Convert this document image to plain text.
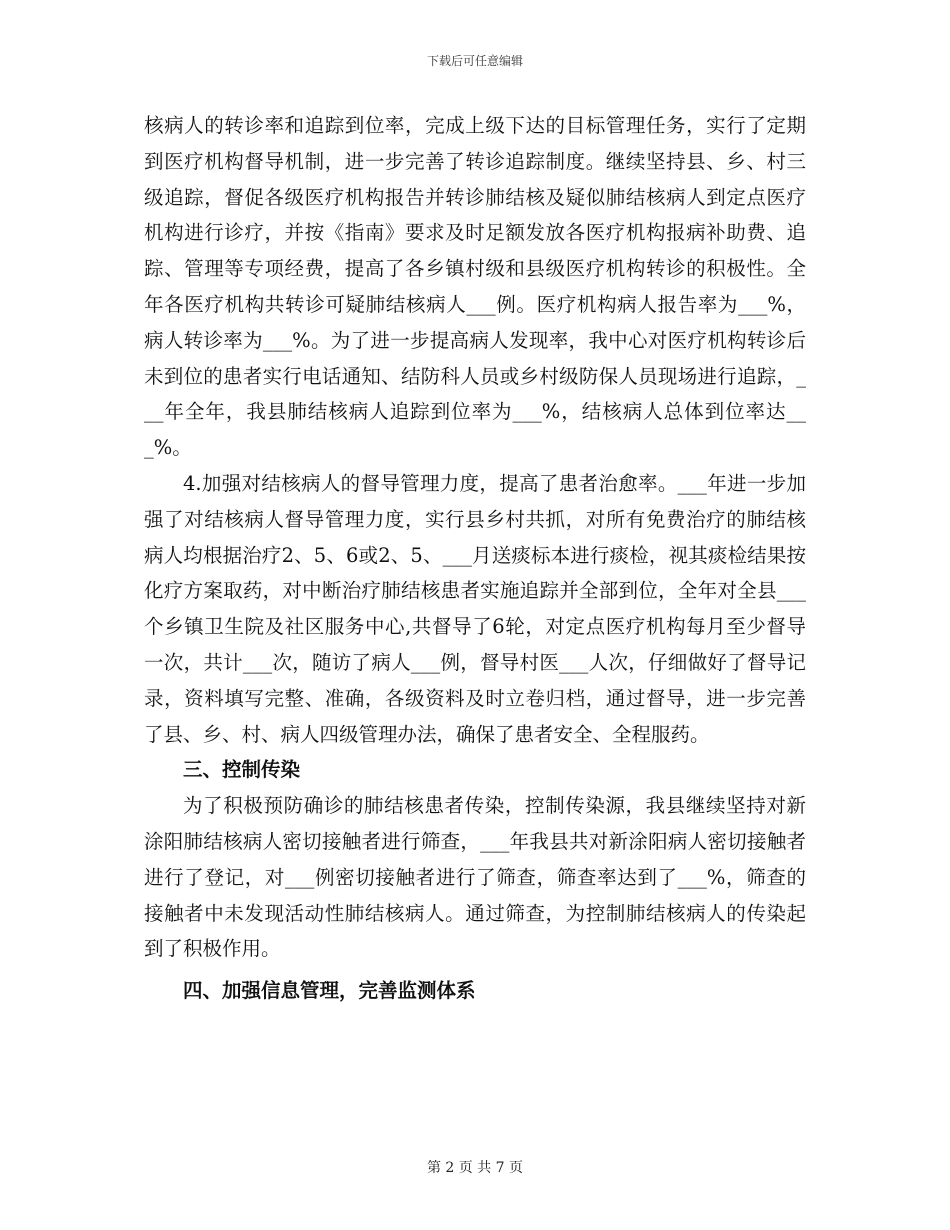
下载后可任意编辑

核病人的转诊率和追踪到位率，完成上级下达的目标管理任务，实行了定期到医疗机构督导机制，进一步完善了转诊追踪制度。继续坚持县、乡、村三级追踪，督促各级医疗机构报告并转诊肺结核及疑似肺结核病人到定点医疗机构进行诊疗，并按《指南》要求及时足额发放各医疗机构报病补助费、追踪、管理等专项经费，提高了各乡镇村级和县级医疗机构转诊的积极性。全年各医疗机构共转诊可疑肺结核病人___例。医疗机构病人报告率为___%，病人转诊率为___%。为了进一步提高病人发现率，我中心对医疗机构转诊后未到位的患者实行电话通知、结防科人员或乡村级防保人员现场进行追踪，___年全年，我县肺结核病人追踪到位率为___%，结核病人总体到位率达___%。

4.加强对结核病人的督导管理力度，提高了患者治愈率。___年进一步加强了对结核病人督导管理力度，实行县乡村共抓，对所有免费治疗的肺结核病人均根据治疗2、5、6或2、5、___月送痰标本进行痰检，视其痰检结果按化疗方案取药，对中断治疗肺结核患者实施追踪并全部到位，全年对全县___个乡镇卫生院及社区服务中心,共督导了6轮，对定点医疗机构每月至少督导一次，共计___次，随访了病人___例，督导村医___人次，仔细做好了督导记录，资料填写完整、准确，各级资料及时立卷归档，通过督导，进一步完善了县、乡、村、病人四级管理办法，确保了患者安全、全程服药。

三、控制传染

为了积极预防确诊的肺结核患者传染，控制传染源，我县继续坚持对新涂阳肺结核病人密切接触者进行筛查，___年我县共对新涂阳病人密切接触者进行了登记，对___例密切接触者进行了筛查，筛查率达到了___%，筛查的接触者中未发现活动性肺结核病人。通过筛查，为控制肺结核病人的传染起到了积极作用。

四、加强信息管理，完善监测体系

第 2 页 共 7 页
